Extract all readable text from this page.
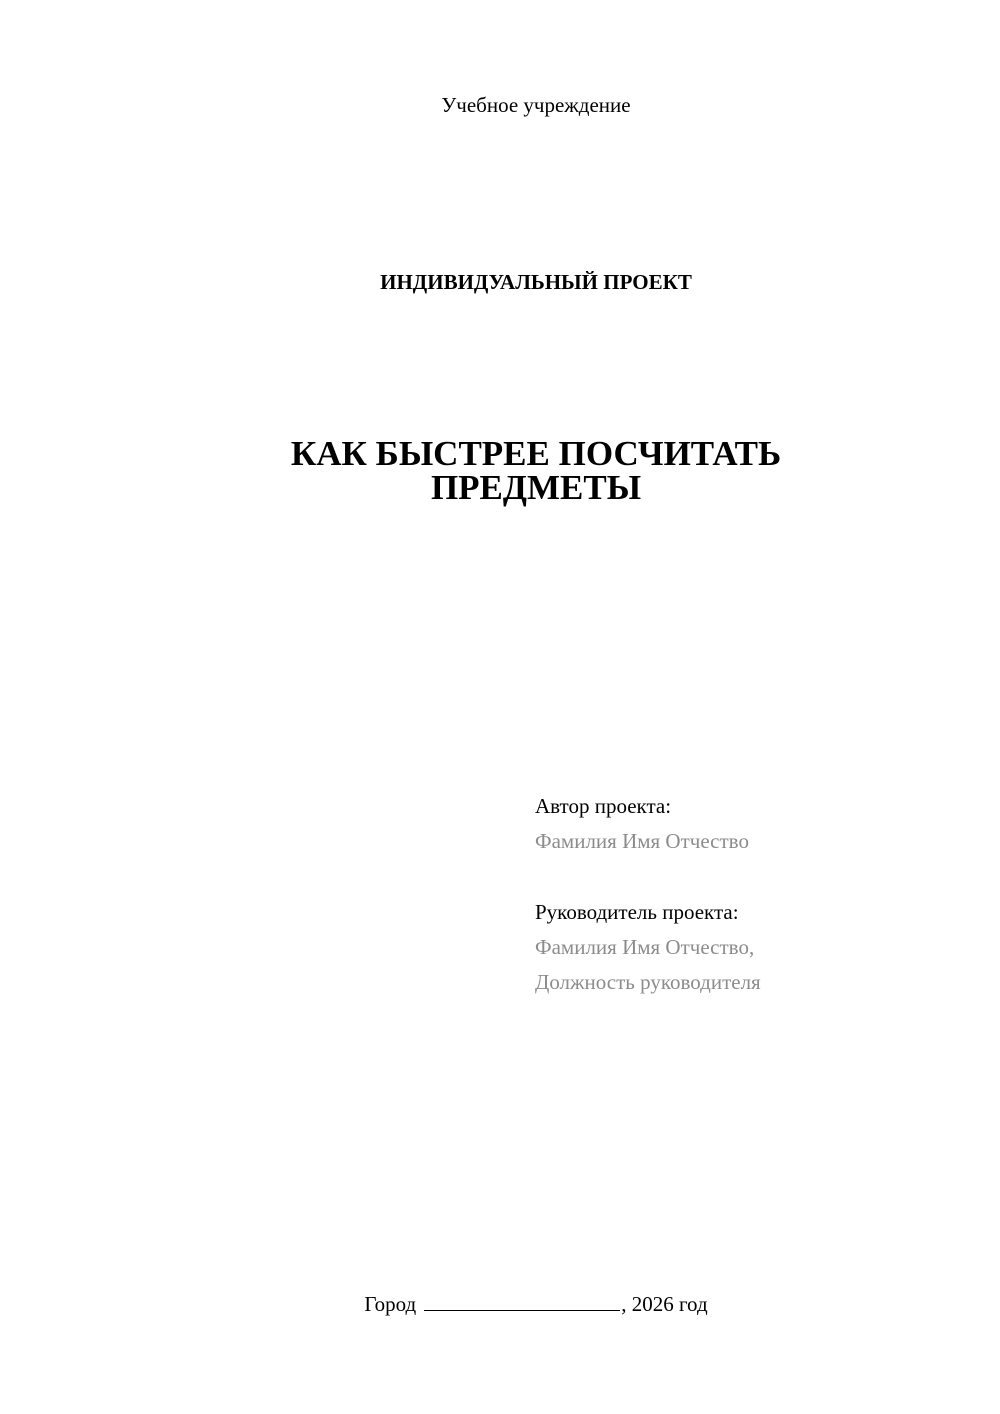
Учебное учреждение
ИНДИВИДУАЛЬНЫЙ ПРОЕКТ
КАК БЫСТРЕЕ ПОСЧИТАТЬ
ПРЕДМЕТЫ
Автор проекта:
Фамилия Имя Отчество
Руководитель проекта:
Фамилия Имя Отчество,
Должность руководителя
Город	, 2026 год
